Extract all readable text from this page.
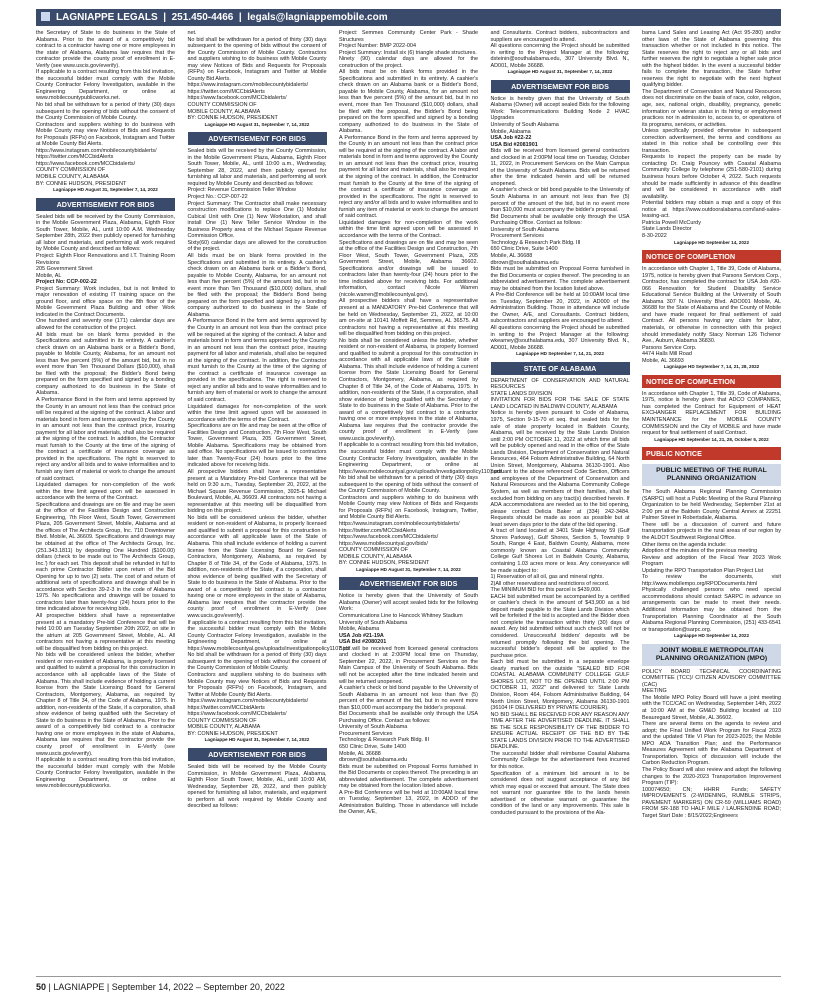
LAGNIAPPE LEGALS  |  251.450-4466  |  legals@lagniappemobile.com

the Secretary of State to do business in the State of Alabama. Prior to the award of a competitively bid contract to a contractor having one or more employees in the state of Alabama, Alabama law requires that the contractor provide the county proof of enrollment in E-Verify (see www.uscis.gov/everify).

If applicable to a contract resulting from this bid invitation, the successful bidder must comply with the Mobile County Contractor Felony Investigation, available in the Engineering Department, or online at www.mobilecountypublicworks.net.

No bid shall be withdrawn for a period of thirty (30) days subsequent to the opening of bids without the consent of the County Commission of Mobile County.

Contractors and suppliers wishing to do business with Mobile County may view Notices of Bids and Requests for Proposals (RFPs) on Facebook, Instagram and Twitter at Mobile County Bid Alerts.

https://www.instagram.com/mobilecountybidalerts/

https://twitter.com/MCCbidAlerts

https://www.facebook.com/MCCbidalerts/

COUNTY COMMISSION OF

MOBILE COUNTY, ALABAMA

BY: CONNIE HUDSON, PRESIDENT

Lagniappe HD August 31, September 7, 14, 2022

ADVERTISEMENT FOR BIDS

Sealed bids will be received by the County Commission, in the Mobile Government Plaza, Alabama, Eighth Floor South Tower, Mobile, AL, until 10:00 A.M. Wednesday September 28th, 2022 then publicly opened for furnishing all labor and materials, and performing all work required by Mobile County and described as follows:

Project: Eighth Floor Renovations and I.T. Training Room Revisions

205 Government Street

Mobile, AL

Project No: CCP-002-22

Project Summary: Work includes, but is not limited to major renovation of existing IT training space on the ground floor, and office space on the 8th floor of the Mobile Government Plaza Building and other Work indicated in the Contract Documents.

One hundred and seventy one (171) calendar days are allowed for the construction of the project.

All bids must be on blank forms provided in the Specifications and submitted in its entirety. A cashier's check drawn on an Alabama bank or a Bidder's Bond, payable to Mobile County, Alabama, for an amount not less than five percent (5%) of the amount bid, but in no event more than Ten Thousand Dollars ($10,000), shall be filed with the proposal; the Bidder's Bond being prepared on the form specified and signed by a bonding company authorized to do business in the State of Alabama.

A Performance Bond in the form and terms approved by the County in an amount not less than the contract price will be required at the signing of the contract. A labor and materials bond in form and terms approved by the County in an amount not less than the contract price, insuring payment for all labor and materials, shall also be required at the signing of the contract. In addition, the Contractor must furnish to the County at the time of the signing of the contract a certificate of insurance coverage as provided in the specifications. The right is reserved to reject any and/or all bids and to waive informalities and to furnish any item of material or work to change the amount of said contract.

Liquidated damages for non-completion of the work within the time limit agreed upon will be assessed in accordance with the terms of the Contract.

Specifications and drawings are on file and may be seen at the office of the Facilities Design and Construction Engineering, 7th Floor West, South Tower, Government Plaza, 205 Government Street, Mobile, Alabama and at the offices of The Architects Group, Inc. 710 Downtowner Blvd. Mobile, AL 36609. Specifications and drawings may be obtained at the office of The Architects Group, Inc. (251.343.1811) by depositing One Hundred ($100.00) dollars (check to be made out to 'The Architects Group, Inc.') for each set. This deposit shall be refunded in full to each prime Contractor Bidder upon return of the Bid Opening for up to two (2) sets. The cost of and return of additional sets of specifications and drawings shall be in accordance with Section 39-2-3 in the code of Alabama 1975. No specifications and drawings will be issued to contractors later than twenty-four (24) hours prior to the time indicated above for receiving bids.

All prospective bidders shall have a representative present at a mandatory Pre-bid Conference that will be held 10:00 am Tuesday September 20th 2022, on site in the atrium at 205 Government Street, Mobile, AL. All contractors not having a representative at this meeting will be disqualified from bidding on this project.

No bids will be considered unless the bidder, whether resident or non-resident of Alabama, is properly licensed and qualified to submit a proposal for this construction in accordance with all applicable laws of the State of Alabama. This shall include evidence of holding a current license from the State Licensing Board for General Contractors, Montgomery, Alabama, as required by Chapter 8 of Title 34, of the Code of Alabama, 1975. In addition, non-residents of the State, if a corporation, shall show evidence of being qualified with the Secretary of State to do business in the State of Alabama. Prior to the award of a competitively bid contract to a contractor having one or more employees in the state of Alabama, Alabama law requires that the contractor provide the county proof of enrollment in E-Verify (see www.uscis.gov/everify).

If applicable to a contract resulting from this bid invitation, the successful bidder must comply with the Mobile County Contractor Felony Investigation, available in the Engineering Department, or online at www.mobilecountypublicworks.

net.

No bid shall be withdrawn for a period of thirty (30) days subsequent to the opening of bids without the consent of the County Commission of Mobile County. Contractors and suppliers wishing to do business with Mobile County may view Notices of Bids and Requests for Proposals (RFPs) on Facebook, Instagram and Twitter at Mobile County Bid Alerts.

https://www.instagram.com/mobilecountybidalerts/

https://twitter.com/MCCbidAlerts

https://www.facebook.com/MCCbidalerts/

COUNTY COMMISSION OF

MOBILE COUNTY, ALABAMA

BY: CONNIE HUDSON, PRESIDENT

Lagniappe HD August 31, September 7, 14, 2022

ADVERTISEMENT FOR BIDS

Sealed bids will be received by the County Commission, in the Mobile Government Plaza, Alabama, Eighth Floor South Tower, Mobile, AL, until 10:00 a.m., Wednesday, September 28, 2022, and then publicly opened for furnishing all labor and materials, and performing all work required by Mobile County and described as follows:

Project: Revenue Commission Teller Window

Project No.: CCP-007-22

Project Summary: The Contractor shall make necessary construction modifications to replace One (1) Modular Cubical Unit with One (1) New Workstation, and shall install One (1) New Teller Service Window in the Business Property area of the Michael Square Revenue Commission Office.

Sixty(60) calendar days are allowed for the construction of the project.

All bids must be on blank forms provided in the Specifications and submitted in its entirety. A cashier's check drawn on an Alabama bank or a Bidder's Bond, payable to Mobile County, Alabama, for an amount not less than five percent (5%) of the amount bid, but in no event more than Ten Thousand ($10,000) dollars, shall be filed with the proposal; the Bidder's Bond being prepared on the form specified and signed by a bonding company authorized to do business in the State of Alabama.

A Performance Bond in the form and terms approved by the County in an amount not less than the contract price will be required at the signing of the contract. A labor and materials bond in form and terms approved by the County in an amount not less than the contract price, insuring payment for all labor and materials, shall also be required at the signing of the contract. In addition, the Contractor must furnish to the County at the time of the signing of the contract a certificate of insurance coverage as provided in the specifications. The right is reserved to reject any and/or all bids and to waive informalities and to furnish any item of material or work to change the amount of said contract.

Liquidated damages for non-completion of the work within the time limit agreed upon will be assessed in accordance with the terms of the Contract.

Specifications are on file and may be seen at the office of Facilities Design and Construction, 7th Floor West, South Tower, Government Plaza, 205 Government Street, Mobile Alabama. Specifications may be obtained from said office. No specifications will be issued to contractors later than Twenty-Four (24) hours prior to the time indicated above for receiving bids.

All prospective bidders shall have a representative present at a Mandatory Pre-bid Conference that will be held on 9:30 a.m., Tuesday, September 20, 2022, at the Michael Square Revenue Commission, 3925-E Michael Boulevard, Mobile, AL 36609. All contractors not having a representative at this meeting will be disqualified from bidding on this project.

No bids will be considered unless the bidder, whether resident or non-resident of Alabama, is properly licensed and qualified to submit a proposal for this construction in accordance with all applicable laws of the State of Alabama. This shall include evidence of holding a current license from the State Licensing Board for General Contractors, Montgomery, Alabama, as required by Chapter 8 of Title 34, of the Code of Alabama, 1975. In addition, non-residents of the State, if a corporation, shall show evidence of being qualified with the Secretary of State to do business in the State of Alabama. Prior to the award of a competitively bid contract to a contractor having one or more employees in the state of Alabama, Alabama law requires that the contractor provide the county proof of enrollment in E-Verify (see www.uscis.gov/everify).

If applicable to a contract resulting from this bid invitation, the successful bidder must comply with the Mobile County Contractor Felony Investigation, available in the Engineering Department, or online at https://www.mobilecountyal.gov/uploads/investigationpolicy1107.pdf.

No bid shall be withdrawn for a period of thirty (30) days subsequent to the opening of bids without the consent of the County Commission of Mobile County.

Contractors and suppliers wishing to do business with Mobile County may view Notices of Bids and Requests for Proposals (RFPs) on Facebook, Instagram, and Twitter at Mobile County Bid Alerts.

https://www.instagram.com/mobilecountybidalerts/

https://twitter.com/MCCbidAlerts

https://www.facebook.com/MCCbidalerts/

COUNTY COMMISSION OF

MOBILE COUNTY, ALABAMA

BY: CONNIE HUDSON, PRESIDENT

Lagniappe HD August 31, September 7, 14, 2022

ADVERTISEMENT FOR BIDS

Sealed bids will be received by the Mobile County Commission, in Mobile Government Plaza, Alabama, Eighth Floor South Tower, Mobile, AL, until 10:00 AM, Wednesday, September 28, 2022, and then publicly opened for furnishing all labor, materials, and equipment to perform all work required by Mobile County and described as follows:

Project: Semmes Community Center Park - Shade Structures

Project Number: BMP 2022-004

Project Summary: Install six (6) triangle shade structures.

Ninety (90) calendar days are allowed for the construction of the project.

All bids must be on blank forms provided in the Specifications and submitted in its entirety. A cashier's check drawn on an Alabama bank or a Bidder's Bond, payable to Mobile County, Alabama, for an amount not less than five percent (5%) of the amount bid, but in no event, more than Ten Thousand ($10,000) dollars, shall be filed with the proposal, the Bidder's Bond being prepared on the form specified and signed by a bonding company authorized to do business in the State of Alabama.

A Performance Bond in the form and terms approved by the County in an amount not less than the contract price will be required at the signing of the contract. A labor and materials bond in form and terms approved by the County in an amount not less than the contract price, insuring payment for all labor and materials, shall also be required at the signing of the contract. In addition, the Contractor must furnish to the County at the time of the signing of the contract a certificate of insurance coverage as provided in the specifications. The right is reserved to reject any and/or all bids and to waive informalities and to furnish any item of material or work to change the amount of said contract.

Liquidated damages for non-completion of the work within the time limit agreed upon will be assessed in accordance with the terms of the Contract.

Specifications and drawings are on file and may be seen at the office of the Facilities Design and Construction, 7th Floor West, South Tower, Government Plaza, 205 Government Street, Mobile, Alabama 36602. Specifications and/or drawings will be issued to contractors later than twenty-four (24) hours prior to the time indicated above for receiving bids. For additional information, contact Nicole Warren (nicole.warren@mobilecountyal.gov).

All prospective bidders shall have a representative present at a MANDATORY Pre-bid Conference that will be held on Wednesday, September 21, 2022, at 10:00 am on-site at 10141 Moffett Rd, Semmes, AL 36575. All contractors not having a representative at this meeting will be disqualified from bidding on this project.

No bids shall be considered unless the bidder, whether resident or non-resident of Alabama, is properly licensed and qualified to submit a proposal for this construction in accordance with all applicable laws of the State of Alabama. This shall include evidence of holding a current license from the State Licensing Board for General Contractors, Montgomery, Alabama, as required by Chapter 8 of Title 34, of the Code of Alabama, 1975. In addition, non-residents of the State, if a corporation, shall show evidence of being qualified with the Secretary of State to do business in the State of Alabama. Prior to the award of a competitively bid contract to a contractor having one or more employees in the state of Alabama, Alabama law requires that the contractor provide the county proof of enrollment in E-Verify (see www.uscis.gov/everify).

If applicable to a contract resulting from this bid invitation, the successful bidder must comply with the Mobile County Contractor Felony Investigation, available in the Engineering Department, or online at https://www.mobilecountyal.gov/uploads/investigationpolicy1107.pdf.

No bid shall be withdrawn for a period of thirty (30) days subsequent to the opening of bids without the consent of the County Commission of Mobile County.

Contractors and suppliers wishing to do business with Mobile County may view Notices of Bids and Requests for Proposals (RFPs) on Facebook, Instagram, Twitter, and Mobile County Bid Alerts.

https://www.instagram.com/mobilecountybidalerts/

https://twitter.com/MCCbidAlerts

https://www.facebook.com/MCCbidalerts/

https://www.mobilecountyal.gov/bids/

COUNTY COMMISSION OF

MOBILE COUNTY, ALABAMA

BY: CONNIE HUDSON, PRESIDENT

Lagniappe HD August 31, September 7, 14, 2022

ADVERTISEMENT FOR BIDS

Notice is hereby given that the University of South Alabama (Owner) will accept sealed bids for the following Work:

Communications Line to Hancock Whitney Stadium

University of South Alabama

Mobile, Alabama

USA Job #21-19A

USA Bid #2080201

Bids will be received from licensed general contractors and clocked in at 2:00PM local time on Thursday, September 22, 2022, in Procurement Services on the Main Campus of the University of South Alabama. Bids will not be accepted after the time indicated herein and will be returned unopened.

A cashier's check or bid bond payable to the University of South Alabama in an amount not less than five (5) percent of the amount of the bid, but in no event more than $10,000 must accompany the bidder's proposal.

Bid Documents shall be available only through the USA Purchasing Office. Contact as follows:

University of South Alabama

Procurement Services

Technology & Research Park Bldg. III

650 Clinic Drive, Suite 1400

Mobile, AL 36688

dbrown@southalabama.edu

Bids must be submitted on Proposal Forms furnished in the Bid Documents or copies thereof. The preceding is an abbreviated advertisement. The complete advertisement may be obtained from the location listed above.

A Pre-Bid Conference will be held at 10:00AM local time on Tuesday, September 13, 2022, in ADDO of the Administration Building. Those in attendance will include the Owner, A/E,

and Consultants. Contract bidders, subcontractors and suppliers are encouraged to attend.

All questions concerning the Project should be submitted in writing to the Project Manager at the following: dsteinin@southalabama.edu, 307 University Blvd. N., AD001, Mobile 36688.

Lagniappe HD August 31, September 7, 14, 2022

ADVERTISEMENT FOR BIDS

Notice is hereby given that the University of South Alabama (Owner) will accept sealed Bids for the following Work: Telecommunications Building Node 2 HVAC Upgrades

University of South Alabama

Mobile, Alabama

USA Job #22-22

USA Bid #2081901

Bids will be received from licensed general contractors and clocked in at 2:00PM local time on Tuesday, October 11, 2022, in Procurement Services on the Main Campus of the University of South Alabama. Bids will be returned after the time indicated herein and will be returned unopened.

A cashier's check or bid bond payable to the University of South Alabama in an amount not less than five (5) percent of the amount of the bid, but in no event more than $10,000 must accompany the bidder's proposal.

Bid Documents shall be available only through the USA Purchasing Office. Contact as follows:

University of South Alabama

Procurement Services

Technology & Research Park Bldg. III

650 Clinic Drive, Suite 1400

Mobile, AL 36688

dbrown@southalabama.edu

Bids must be submitted on Proposal Forms furnished in the Bid Documents or copies thereof. The preceding is an abbreviated advertisement. The complete advertisement may be obtained from the location listed above.

A Pre-Bid Conference will be held at 10:00AM local time on Tuesday, September 20, 2022, in AD000 of the Administration Building. Those in attendance will include the Owner, A/E, and Consultants. Contract bidders, subcontractors and suppliers are encouraged to attend.

All questions concerning the Project should be submitted in writing to the Project Manager at the following: wkearney@southalabama.edu, 307 University Blvd. N., AD001, Mobile 36688.

Lagniappe HD September 7, 14, 21, 2022

STATE OF ALABAMA

DEPARTMENT OF CONSERVATION AND NATURAL RESOURCES

STATE LANDS DIVISION

INVITATION FOR BIDS FOR THE SALE OF STATE LAND LOCATED IN BALDWIN COUNTY, ALABAMA

Notice is hereby given pursuant to Code of Alabama, 1975, Section 9-15-70 et seq. that sealed bids for the sale of state property located in Baldwin County, Alabama, will be received by the State Lands Division until 2:00 PM OCTOBER 11, 2022 at which time all bids will be publicly opened and read in the office of the State Lands Division, Department of Conservation and Natural Resources, 464 Folsom Administrative Building, 64 North Union Street, Montgomery, Alabama 36130-1901. Also pursuant to the above referenced Code Section, Officers and employees of the Department of Conservation and Natural Resources and the Alabama Community College System, as well as members of their families, shall be excluded from bidding on any tract(s) described herein. If ADA accommodations are needed as to the bid opening, please contact Delicia Baker at (334) 242-3484. Requests should be made as soon as possible but at least seven days prior to the date of the bid opening.

A tract of land located at 3401 State Highway 59 (Gulf Shores Parkway), Gulf Shores, Section 5, Township 9 South, Range 4 East, Baldwin County, Alabama, more commonly known as Coastal Alabama Community College Gulf Shores Lot in Baldwin County, Alabama, containing 1.03 acres more or less. Any conveyance will be made subject to:

1) Reservation of all oil, gas and mineral rights.

2)All other reservations and restrictions of record.

The MINIMUM BID for this parcel is $439,000.

EACH bid submitted must be accompanied by a certified or cashier's check in the amount of $43,900 as a bid deposit made payable to the State Lands Division which will be forfeited if the bid is accepted and the Bidder does not complete the transaction within thirty (30) days of award. Any bid submitted without such check will not be considered. Unsuccessful bidders' deposits will be returned promptly following the bid opening. The successful bidder's deposit will be applied to the purchase price.

Each bid must be submitted in a separate envelope clearly marked on the outside "SEALED BID FOR COASTAL ALABAMA COMMUNITY COLLEGE GULF SHORES LOT, NOT TO BE OPENED UNTIL 2:00 PM OCTOBER 11, 2022" and delivered to: State Lands Division, Room 464, Folsom Administrative Building, 64 North Union Street, Montgomery, Alabama 36130-1901 (36104 IF DELIVERED BY PRIVATE COURIER).

NO BID SHALL BE RECEIVED FOR ANY REASON ANY TIME AFTER THE ADVERTISED DEADLINE. IT SHALL BE THE SOLE RESPONSIBILITY OF THE BIDDER TO ENSURE ACTUAL RECEIPT OF THE BID BY THE STATE LANDS DIVISION PRIOR TO THE ADVERTISED DEADLINE.

The successful bidder shall reimburse Coastal Alabama Community College for the advertisement fees incurred for this notice.

Specification of a minimum bid amount is to be considered does not suggest acceptance of any bid which may equal or exceed that amount. The State does not warrant nor guarantee title to the lands herein advertised or otherwise warrant or guarantee the condition of the land or any improvements. This sale is conducted pursuant to the provisions of the Ala-

bama Land Sales and Leasing Act (Act 95-280) and/or other laws of the State of Alabama governing this transaction whether or not included in this notice. The State reserves the right to reject any or all bids and further reserves the right to negotiate a higher sale price with the highest bidder. In the event a successful bidder fails to complete the transaction, the State further reserves the right to negotiate with the next highest qualifying bidder.

The Department of Conservation and Natural Resources does not discriminate on the basis of race, color, religion, age, sex, national origin, disability, pregnancy, genetic information or veteran status in its hiring or employment practices nor in admission to, access to, or operations of its programs, services, or activities.

Unless specifically provided otherwise in subsequent correction advertisement, the terms and conditions as stated in this notice shall be controlling over this transaction.

Requests to inspect the property can be made by contacting Dr. Craig Pouncey with Coastal Alabama Community College by telephone (251-580-2101) during business hours before October 4, 2022. Such requests should be made sufficiently in advance of this deadline and will be considered in accordance with staff availability.

Potential bidders may obtain a map and a copy of this notice at https://www.outdooralabama.com/land-sales-leasing-act.

Patricia Powell McCurdy

State Lands Director

8-30-2022

Lagniappe HD September 14, 2022

NOTICE OF COMPLETION

In accordance with Chapter 1, Title 39, Code of Alabama, 1975, notice is hereby given that Parsons Services Corp., Contractor, has completed the contract for USA Job #20-066 Renovation for Student Disability Service Educational Service Building at the University of South Alabama 307 N. University Blvd. ADO001 Mobile, AL 36688 for the State of Alabama and the County of Mobile and have made request for final settlement of said Contract. All persons having any claim for labor, materials, or otherwise in connection with this project should immediately notify Stacy Norman 126 Tichenor Ave., Auburn, Alabama 36830.

Parsons Service Corp.

4474 Halls Mill Road

Mobile, AL 36693

Lagniappe HD September 7, 14, 21, 28, 2022

NOTICE OF COMPLETION

In accordance with Chapter 1, Title 39, Code of Alabama, 1975, notice is hereby given that ADCO COMPANIES, has completed the Contract for Equipment of HEAT EXCHANGER REPLACEMENT FOR BUILDING MAINTENANCE for the MOBILE COUNTY COMMISSION and the City of MOBILE and have made request for final settlement of said Contract.

Lagniappe HD September 14, 21, 28, October 5, 2022

PUBLIC NOTICE
PUBLIC MEETING OF THE RURAL PLANNING ORGANIZATION

The South Alabama Regional Planning Commission (SARPC) will host a Public Meeting of the Rural Planning Organization to be held Wednesday, September 21st at 2:00 pm at the Baldwin County Central Annex at 22251 Palmer Street in Robertsdale, Alabama.

There will be a discussion of current and future transportation projects in the rural areas of our region by the ALDOT Southwest Regional Office.

Other items on the agenda include:

Adoption of the minutes of the previous meeting

Review and adoption of the Fiscal Year 2023 Work Program

Updating the RPO Transportation Plan Project List

To review the documents, visit http://www.mobilempo.org/RPODocuments.html

Physically challenged persons who need special accommodations should contact SARPC in advance so arrangements can be made to meet their needs. Additional information may be obtained from the Transportation Planning Coordinator at the South Alabama Regional Planning Commission, (251) 433-6541 or transportation@sarpc.org.

Lagniappe HD September 14, 2022

JOINT MOBILE METROPOLITAN PLANNING ORGANIZATION (MPO)

POLICY BOARD TECHNICAL COORDINATING COMMITTEE (TCC)/ CITIZEN ADVISORY COMMITTEE (CAC)

MEETING

The Mobile MPO Policy Board will have a joint meeting with the TCC/CAC on Wednesday, September 14th, 2022 at 10:00 AM at the GM&O Building located at 110 Beauregard Street, Mobile, AL 36602.

There are several items on the agenda to review and adopt; the Final Unified Work Program for Fiscal 2023 and the updated Title VI Plan for 2023-2025; the Mobile MPO ADA Transition Plan; and the Performance Measures Agreement with the Alabama Department of Transportation. Topics of discussion will include the Carbon Reduction Program.

The Policy Board will also review and adopt the following changes to the 2020-2023 Transportation Improvement Program (TIP):

100074650; CN; HHRR Funds; SAFETY IMPROVEMENTS (2-WIDENING, RUMBLE STRIPS, PAVEMENT MARKERS) ON CR-59 (WILLIAMS ROAD) FROM SR-188 TO HALF MILE / LAURENDINE ROAD; Target Start Date : 8/15/2022;Engineers

50 | LAGNIAPPE | September 14, 2022 – September 20, 2022
